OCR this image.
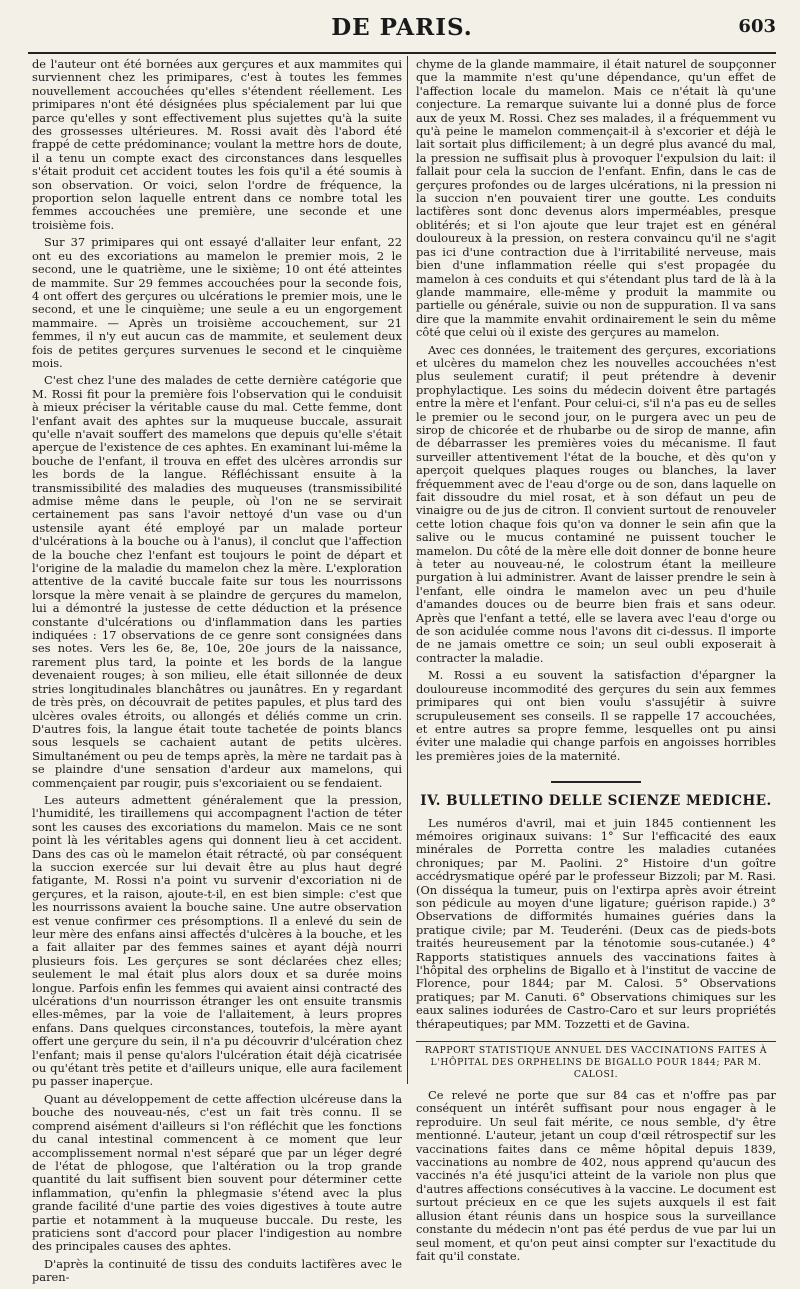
DE PARIS.	603

de l'auteur ont été bornées aux gerçures et aux mammites qui surviennent chez les primipares, c'est à toutes les femmes nouvellement accouchées qu'elles s'étendent réellement. Les primipares n'ont été désignées plus spécialement par lui que parce qu'elles y sont effectivement plus sujettes qu'à la suite des grossesses ultérieures. M. Rossi avait dès l'abord été frappé de cette prédominance; voulant la mettre hors de doute, il a tenu un compte exact des circonstances dans lesquelles s'était produit cet accident toutes les fois qu'il a été soumis à son observation. Or voici, selon l'ordre de fréquence, la proportion selon laquelle entrent dans ce nombre total les femmes accouchées une première, une seconde et une troisième fois.

Sur 37 primipares qui ont essayé d'allaiter leur enfant, 22 ont eu des excoriations au mamelon le premier mois, 2 le second, une le quatrième, une le sixième; 10 ont été atteintes de mammite. Sur 29 femmes accouchées pour la seconde fois, 4 ont offert des gerçures ou ulcérations le premier mois, une le second, et une le cinquième; une seule a eu un engorgement mammaire. — Après un troisième accouchement, sur 21 femmes, il n'y eut aucun cas de mammite, et seulement deux fois de petites gerçures survenues le second et le cinquième mois.

C'est chez l'une des malades de cette dernière catégorie que M. Rossi fit pour la première fois l'observation qui le conduisit à mieux préciser la véritable cause du mal. Cette femme, dont l'enfant avait des aphtes sur la muqueuse buccale, assurait qu'elle n'avait souffert des mamelons que depuis qu'elle s'était aperçue de l'existence de ces aphtes. En examinant lui-même la bouche de l'enfant, il trouva en effet des ulcères arrondis sur les bords de la langue. Réfléchissant ensuite à la transmissibilité des maladies des muqueuses (transmissibilité admise même dans le peuple, où l'on ne se servirait certainement pas sans l'avoir nettoyé d'un vase ou d'un ustensile ayant été employé par un malade porteur d'ulcérations à la bouche ou à l'anus), il conclut que l'affection de la bouche chez l'enfant est toujours le point de départ et l'origine de la maladie du mamelon chez la mère. L'exploration attentive de la cavité buccale faite sur tous les nourrissons lorsque la mère venait à se plaindre de gerçures du mamelon, lui a démontré la justesse de cette déduction et la présence constante d'ulcérations ou d'inflammation dans les parties indiquées : 17 observations de ce genre sont consignées dans ses notes. Vers les 6e, 8e, 10e, 20e jours de la naissance, rarement plus tard, la pointe et les bords de la langue devenaient rouges; à son milieu, elle était sillonnée de deux stries longitudinales blanchâtres ou jaunâtres. En y regardant de très près, on découvrait de petites papules, et plus tard des ulcères ovales étroits, ou allongés et déliés comme un crin. D'autres fois, la langue était toute tachetée de points blancs sous lesquels se cachaient autant de petits ulcères. Simultanément ou peu de temps après, la mère ne tardait pas à se plaindre d'une sensation d'ardeur aux mamelons, qui commençaient par rougir, puis s'excoriaient ou se fendaient.

Les auteurs admettent généralement que la pression, l'humidité, les tiraillemens qui accompagnent l'action de téter sont les causes des excoriations du mamelon. Mais ce ne sont point là les véritables agens qui donnent lieu à cet accident. Dans des cas où le mamelon était rétracté, où par conséquent la succion exercée sur lui devait être au plus haut degré fatigante, M. Rossi n'a point vu survenir d'excoriation ni de gerçures, et la raison, ajoute-t-il, en est bien simple: c'est que les nourrissons avaient la bouche saine. Une autre observation est venue confirmer ces présomptions. Il a enlevé du sein de leur mère des enfans ainsi affectés d'ulcères à la bouche, et les a fait allaiter par des femmes saines et ayant déjà nourri plusieurs fois. Les gerçures se sont déclarées chez elles; seulement le mal était plus alors doux et sa durée moins longue. Parfois enfin les femmes qui avaient ainsi contracté des ulcérations d'un nourrisson étranger les ont ensuite transmis elles-mêmes, par la voie de l'allaitement, à leurs propres enfans. Dans quelques circonstances, toutefois, la mère ayant offert une gerçure du sein, il n'a pu découvrir d'ulcération chez l'enfant; mais il pense qu'alors l'ulcération était déjà cicatrisée ou qu'étant très petite et d'ailleurs unique, elle aura facilement pu passer inaperçue.

Quant au développement de cette affection ulcéreuse dans la bouche des nouveau-nés, c'est un fait très connu. Il se comprend aisément d'ailleurs si l'on réfléchit que les fonctions du canal intestinal commencent à ce moment que leur accomplissement normal n'est séparé que par un léger degré de l'état de phlogose, que l'altération ou la trop grande quantité du lait suffisent bien souvent pour déterminer cette inflammation, qu'enfin la phlegmasie s'étend avec la plus grande facilité d'une partie des voies digestives à toute autre partie et notamment à la muqueuse buccale. Du reste, les praticiens sont d'accord pour placer l'indigestion au nombre des principales causes des aphtes.

D'après la continuité de tissu des conduits lactifères avec le paren-

chyme de la glande mammaire, il était naturel de soupçonner que la mammite n'est qu'une dépendance, qu'un effet de l'affection locale du mamelon. Mais ce n'était là qu'une conjecture. La remarque suivante lui a donné plus de force aux de yeux M. Rossi. Chez ses malades, il a fréquemment vu qu'à peine le mamelon commençait-il à s'excorier et déjà le lait sortait plus difficilement; à un degré plus avancé du mal, la pression ne suffisait plus à provoquer l'expulsion du lait: il fallait pour cela la succion de l'enfant. Enfin, dans le cas de gerçures profondes ou de larges ulcérations, ni la pression ni la succion n'en pouvaient tirer une goutte. Les conduits lactifères sont donc devenus alors imperméables, presque oblitérés; et si l'on ajoute que leur trajet est en général douloureux à la pression, on restera convaincu qu'il ne s'agit pas ici d'une contraction due à l'irritabilité nerveuse, mais bien d'une inflammation réelle qui s'est propagée du mamelon à ces conduits et qui s'étendant plus tard de là à la glande mammaire, elle-même y produit la mammite ou partielle ou générale, suivie ou non de suppuration. Il va sans dire que la mammite envahit ordinairement le sein du même côté que celui où il existe des gerçures au mamelon.

Avec ces données, le traitement des gerçures, excoriations et ulcères du mamelon chez les nouvelles accouchées n'est plus seulement curatif; il peut prétendre à devenir prophylactique. Les soins du médecin doivent être partagés entre la mère et l'enfant. Pour celui-ci, s'il n'a pas eu de selles le premier ou le second jour, on le purgera avec un peu de sirop de chicorée et de rhubarbe ou de sirop de manne, afin de débarrasser les premières voies du mécanisme. Il faut surveiller attentivement l'état de la bouche, et dès qu'on y aperçoit quelques plaques rouges ou blanches, la laver fréquemment avec de l'eau d'orge ou de son, dans laquelle on fait dissoudre du miel rosat, et à son défaut un peu de vinaigre ou de jus de citron. Il convient surtout de renouveler cette lotion chaque fois qu'on va donner le sein afin que la salive ou le mucus contaminé ne puissent toucher le mamelon. Du côté de la mère elle doit donner de bonne heure à teter au nouveau-né, le colostrum étant la meilleure purgation à lui administrer. Avant de laisser prendre le sein à l'enfant, elle oindra le mamelon avec un peu d'huile d'amandes douces ou de beurre bien frais et sans odeur. Après que l'enfant a tetté, elle se lavera avec l'eau d'orge ou de son acidulée comme nous l'avons dit ci-dessus. Il importe de ne jamais omettre ce soin; un seul oubli exposerait à contracter la maladie.

M. Rossi a eu souvent la satisfaction d'épargner la douloureuse incommodité des gerçures du sein aux femmes primipares qui ont bien voulu s'assujétir à suivre scrupuleusement ses conseils. Il se rappelle 17 accouchées, et entre autres sa propre femme, lesquelles ont pu ainsi éviter une maladie qui change parfois en angoisses horribles les premières joies de la maternité.

IV. BULLETINO DELLE SCIENZE MEDICHE.

Les numéros d'avril, mai et juin 1845 contiennent les mémoires originaux suivans: 1° Sur l'efficacité des eaux minérales de Porretta contre les maladies cutanées chroniques; par M. Paolini. 2° Histoire d'un goître accédrysmatique opéré par le professeur Bizzoli; par M. Rasi. (On disséqua la tumeur, puis on l'extirpa après avoir étreint son pédicule au moyen d'une ligature; guérison rapide.) 3° Observations de difformités humaines guéries dans la pratique civile; par M. Teuderéni. (Deux cas de pieds-bots traités heureusement par la ténotomie sous-cutanée.) 4° Rapports statistiques annuels des vaccinations faites à l'hôpital des orphelins de Bigallo et à l'institut de vaccine de Florence, pour 1844; par M. Calosi. 5° Observations pratiques; par M. Canuti. 6° Observations chimiques sur les eaux salines iodurées de Castro-Caro et sur leurs propriétés thérapeutiques; par MM. Tozzetti et de Gavina.

RAPPORT STATISTIQUE ANNUEL DES VACCINATIONS FAITES À L'HÔPITAL DES ORPHELINS DE BIGALLO POUR 1844; PAR M. CALOSI.

Ce relevé ne porte que sur 84 cas et n'offre pas par conséquent un intérêt suffisant pour nous engager à le reproduire. Un seul fait mérite, ce nous semble, d'y être mentionné. L'auteur, jetant un coup d'œil rétrospectif sur les vaccinations faites dans ce même hôpital depuis 1839, vaccinations au nombre de 402, nous apprend qu'aucun des vaccinés n'a été jusqu'ici atteint de la variole non plus que d'autres affections consécutives à la vaccine. Le document est surtout précieux en ce que les sujets auxquels il est fait allusion étant réunis dans un hospice sous la surveillance constante du médecin n'ont pas été perdus de vue par lui un seul moment, et qu'on peut ainsi compter sur l'exactitude du fait qu'il constate.
